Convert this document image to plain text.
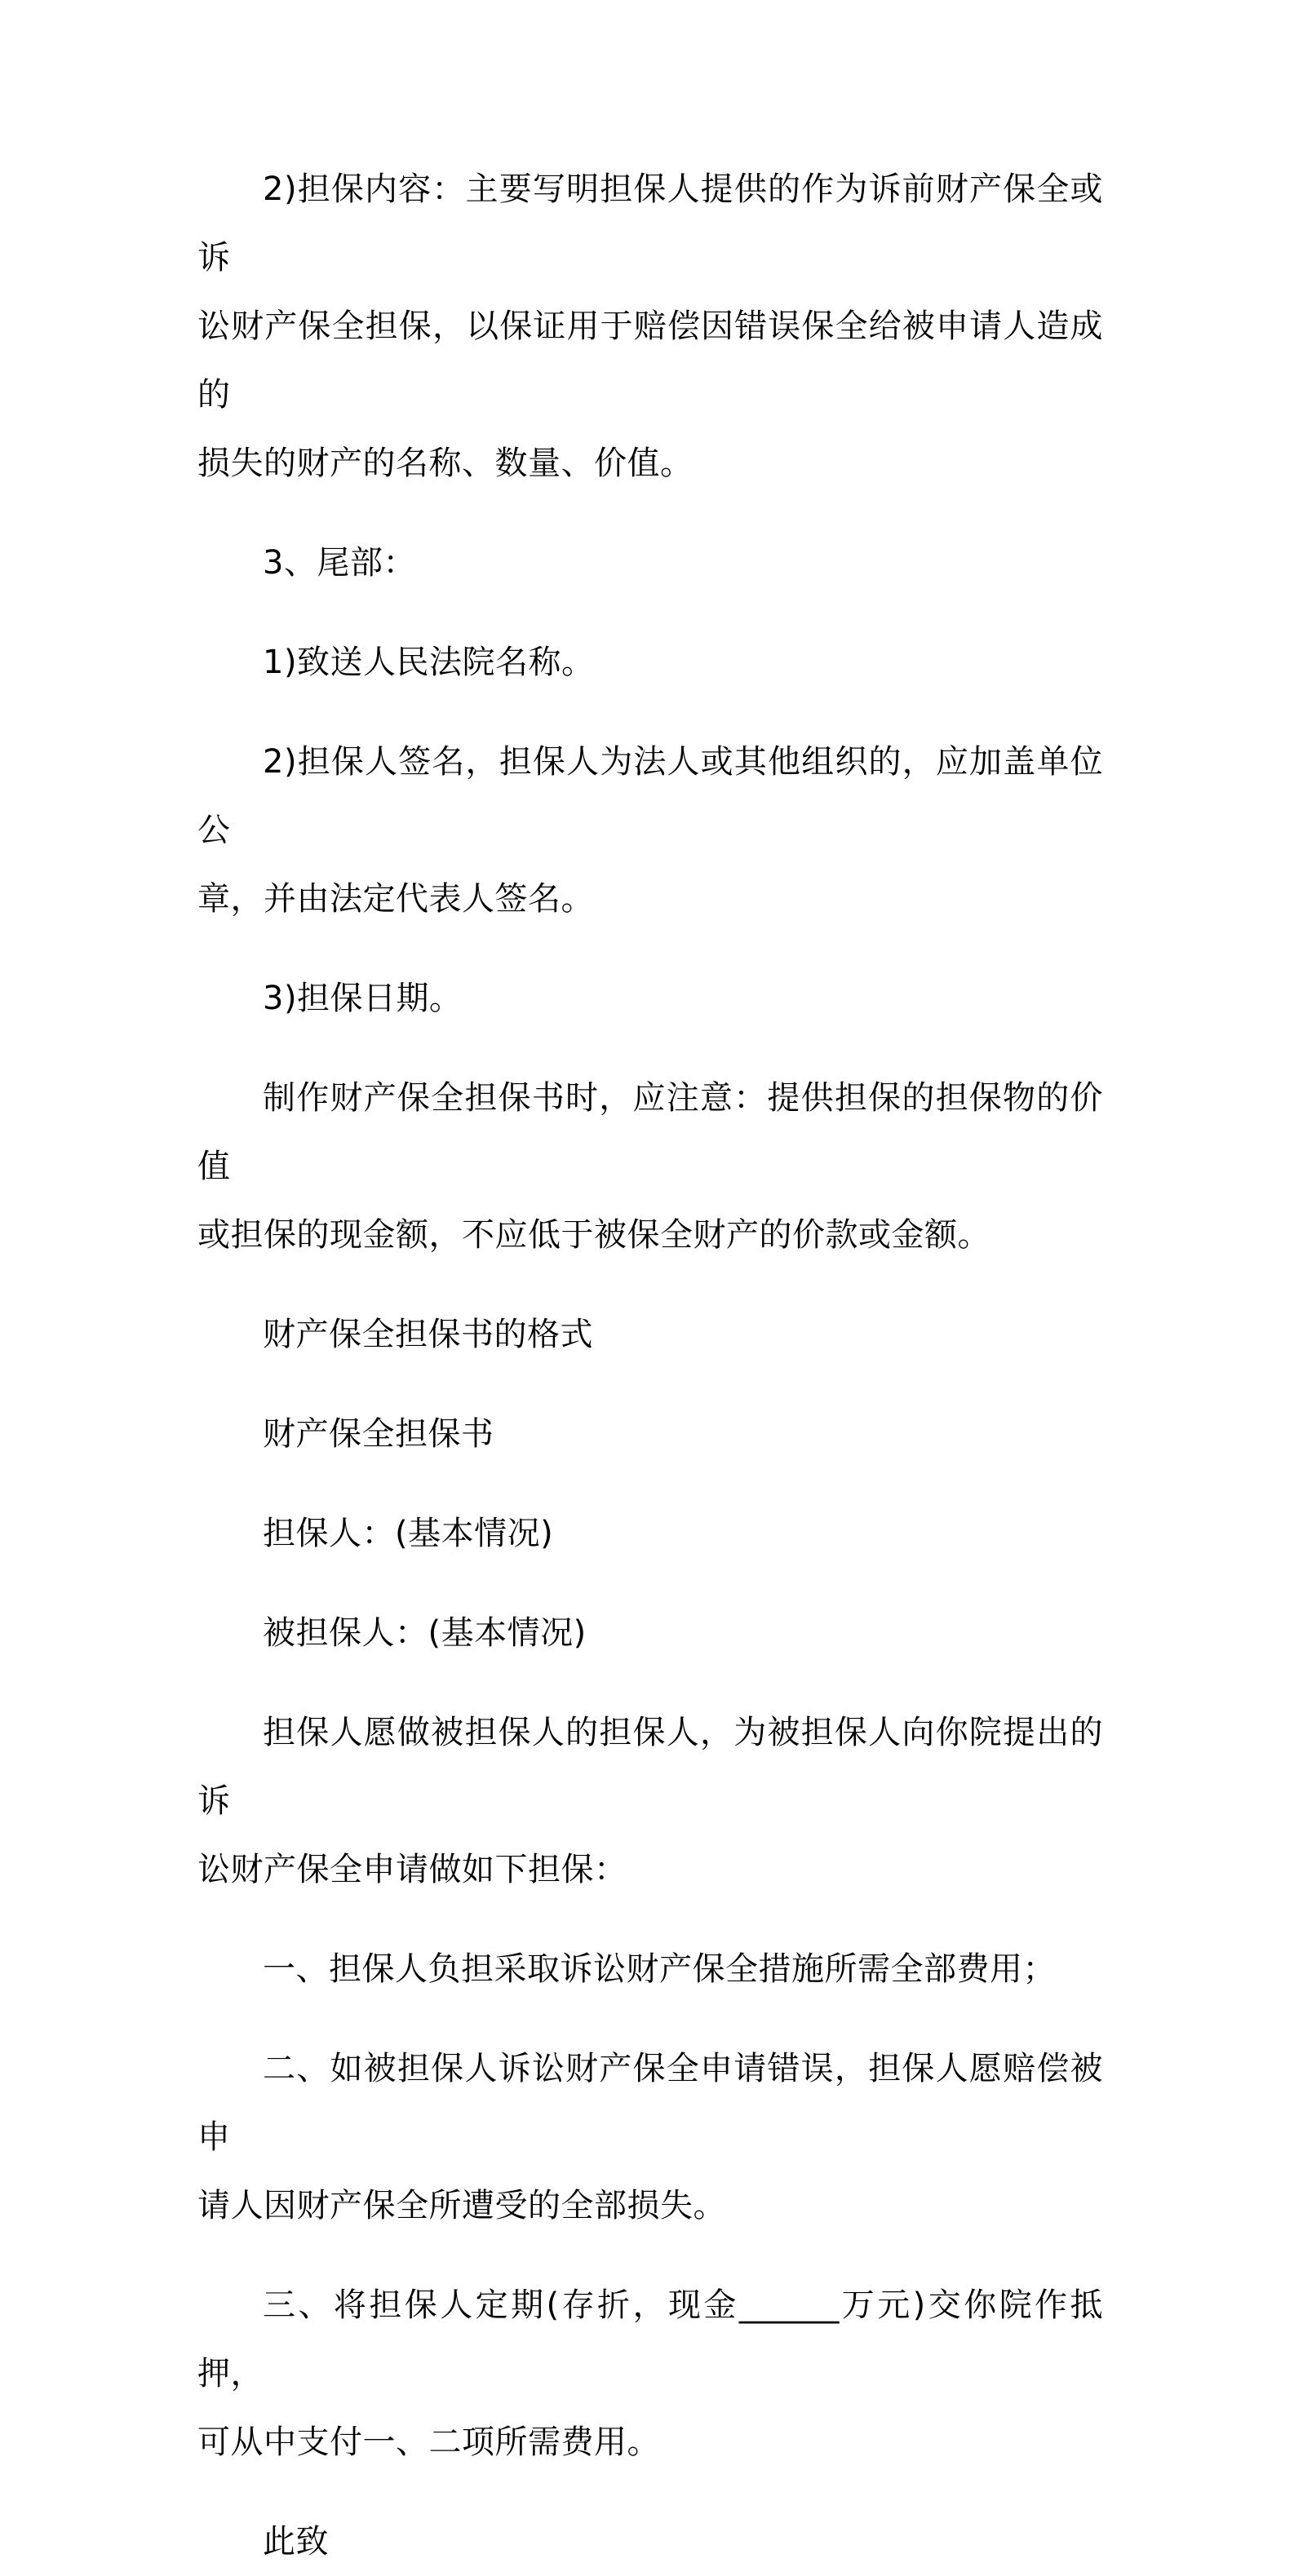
2)担保内容：主要写明担保人提供的作为诉前财产保全或诉
讼财产保全担保，以保证用于赔偿因错误保全给被申请人造成的
损失的财产的名称、数量、价值。
3、尾部：
1)致送人民法院名称。
2)担保人签名，担保人为法人或其他组织的，应加盖单位公
章，并由法定代表人签名。
3)担保日期。
制作财产保全担保书时，应注意：提供担保的担保物的价值
或担保的现金额，不应低于被保全财产的价款或金额。
财产保全担保书的格式
财产保全担保书
担保人：(基本情况)
被担保人：(基本情况)
担保人愿做被担保人的担保人，为被担保人向你院提出的诉
讼财产保全申请做如下担保：
一、担保人负担采取诉讼财产保全措施所需全部费用；
二、如被担保人诉讼财产保全申请错误，担保人愿赔偿被申
请人因财产保全所遭受的全部损失。
三、将担保人定期(存折，现金______万元)交你院作抵押，
可从中支付一、二项所需费用。
此致
